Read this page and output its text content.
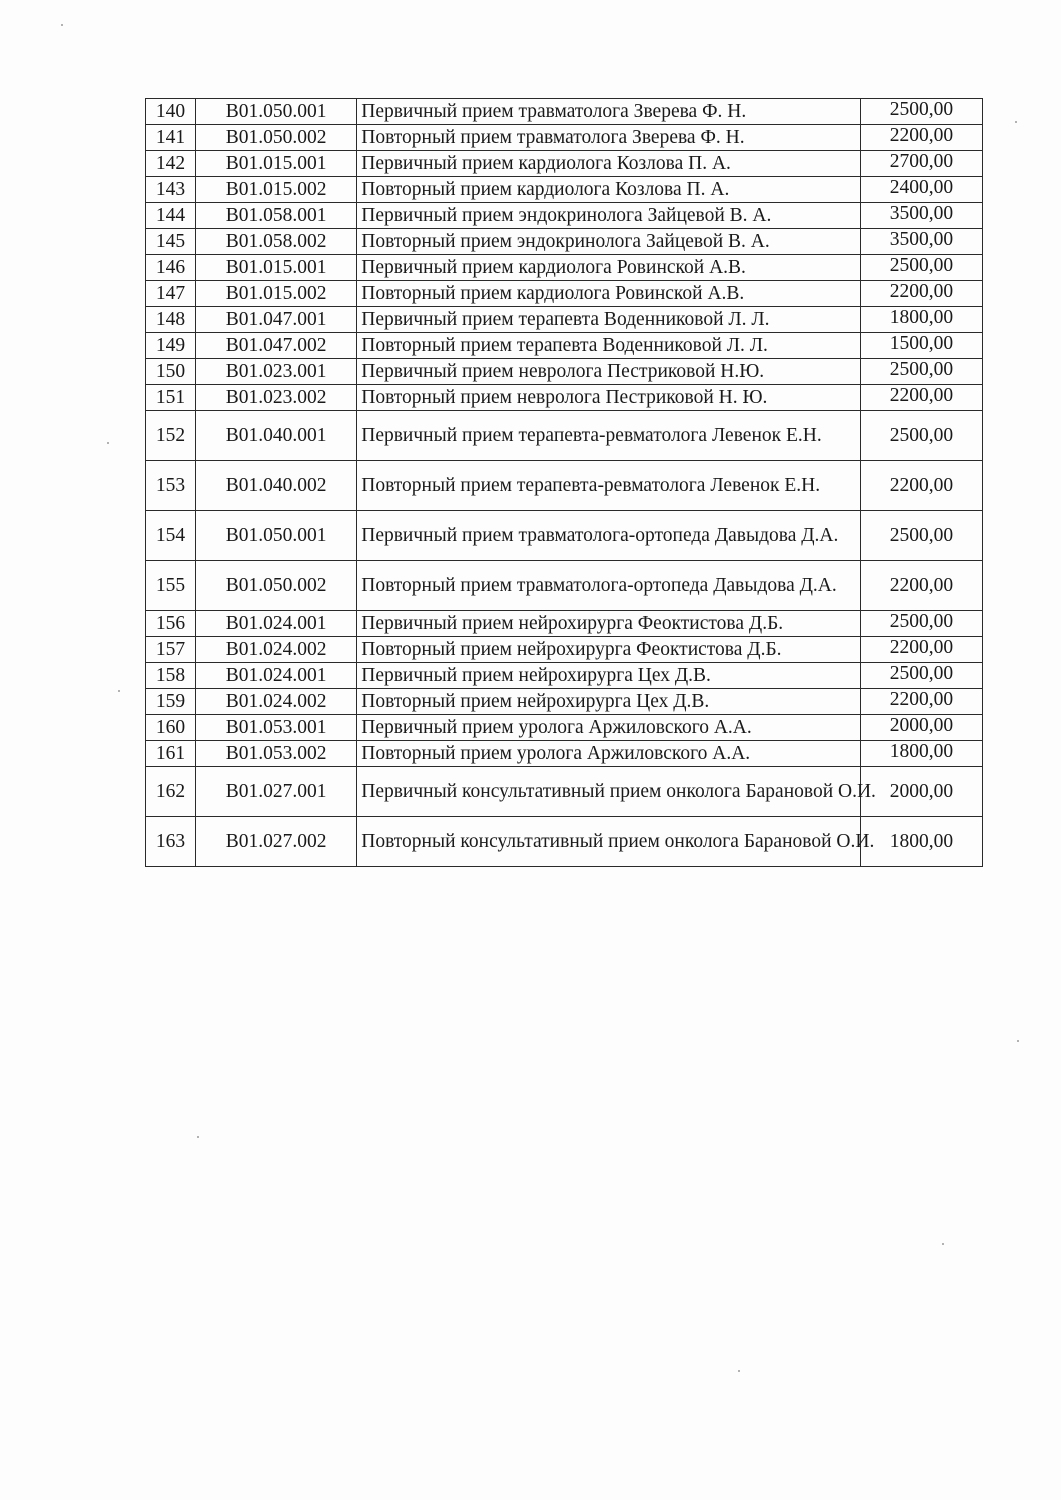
140	B01.050.001	Первичный прием травматолога Зверева Ф. Н.	2500,00
141	B01.050.002	Повторный прием травматолога Зверева Ф. Н.	2200,00
142	B01.015.001	Первичный прием кардиолога Козлова П. А.	2700,00
143	B01.015.002	Повторный прием кардиолога Козлова П. А.	2400,00
144	B01.058.001	Первичный прием эндокринолога Зайцевой В. А.	3500,00
145	B01.058.002	Повторный прием эндокринолога Зайцевой В. А.	3500,00
146	B01.015.001	Первичный прием кардиолога Ровинской А.В.	2500,00
147	B01.015.002	Повторный прием кардиолога Ровинской А.В.	2200,00
148	B01.047.001	Первичный прием терапевта Воденниковой Л. Л.	1800,00
149	B01.047.002	Повторный прием терапевта Воденниковой Л. Л.	1500,00
150	B01.023.001	Первичный прием невролога Пестриковой Н.Ю.	2500,00
151	B01.023.002	Повторный прием невролога Пестриковой Н. Ю.	2200,00
152	B01.040.001	Первичный прием терапевта-ревматолога Левенок Е.Н.	2500,00
153	B01.040.002	Повторный прием терапевта-ревматолога Левенок Е.Н.	2200,00
154	B01.050.001	Первичный прием травматолога-ортопеда Давыдова Д.А.	2500,00
155	B01.050.002	Повторный прием травматолога-ортопеда Давыдова Д.А.	2200,00
156	B01.024.001	Первичный прием нейрохирурга Феоктистова Д.Б.	2500,00
157	B01.024.002	Повторный прием нейрохирурга Феоктистова Д.Б.	2200,00
158	B01.024.001	Первичный прием нейрохирурга Цех Д.В.	2500,00
159	B01.024.002	Повторный прием нейрохирурга Цех Д.В.	2200,00
160	B01.053.001	Первичный прием уролога Аржиловского А.А.	2000,00
161	B01.053.002	Повторный прием уролога Аржиловского А.А.	1800,00
162	B01.027.001	Первичный консультативный прием онколога Барановой О.И.	2000,00
163	B01.027.002	Повторный консультативный прием онколога Барановой О.И.	1800,00
